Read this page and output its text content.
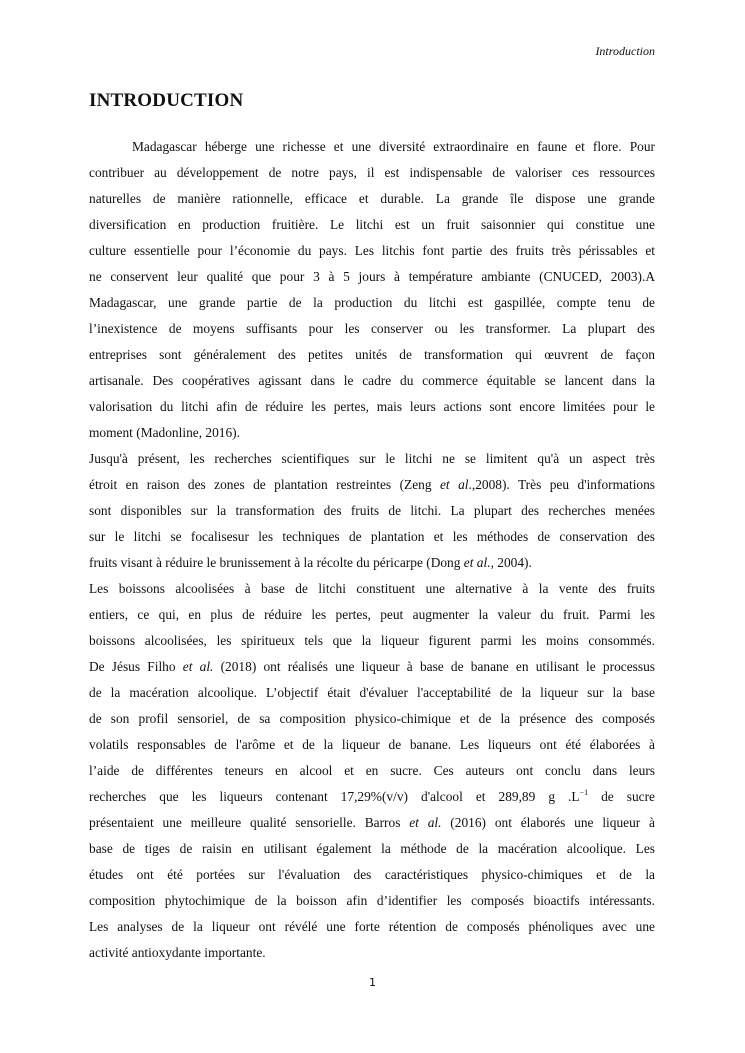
Introduction
INTRODUCTION
Madagascar héberge une richesse et une diversité extraordinaire en faune et flore. Pour
contribuer au développement de notre pays, il est indispensable de valoriser ces ressources
naturelles de manière rationnelle, efficace et durable. La grande île dispose une grande
diversification en production fruitière. Le litchi est un fruit saisonnier qui constitue une
culture essentielle pour l’économie du pays. Les litchis font partie des fruits très périssables et
ne conservent leur qualité que pour 3 à 5 jours à température ambiante (CNUCED, 2003).A
Madagascar, une grande partie de la production du litchi est gaspillée, compte tenu de
l’inexistence de moyens suffisants pour les conserver ou les transformer. La plupart des
entreprises sont généralement des petites unités de transformation qui œuvrent de façon
artisanale. Des coopératives agissant dans le cadre du commerce équitable se lancent dans la
valorisation du litchi afin de réduire les pertes, mais leurs actions sont encore limitées pour le
moment (Madonline, 2016).
Jusqu'à présent, les recherches scientifiques sur le litchi ne se limitent qu'à un aspect très
étroit en raison des zones de plantation restreintes (Zeng et al.,2008). Très peu d'informations
sont disponibles sur la transformation des fruits de litchi. La plupart des recherches menées
sur le litchi se focalisesur les techniques de plantation et les méthodes de conservation des
fruits visant à réduire le brunissement à la récolte du péricarpe (Dong et al., 2004).
Les boissons alcoolisées à base de litchi constituent une alternative à la vente des fruits
entiers, ce qui, en plus de réduire les pertes, peut augmenter la valeur du fruit. Parmi les
boissons alcoolisées, les spiritueux tels que la liqueur figurent parmi les moins consommés.
De Jésus Filho et al. (2018) ont réalisés une liqueur à base de banane en utilisant le processus
de la macération alcoolique. L’objectif était d'évaluer l'acceptabilité de la liqueur sur la base
de son profil sensoriel, de sa composition physico-chimique et de la présence des composés
volatils responsables de l'arôme et de la liqueur de banane. Les liqueurs ont été élaborées à
l’aide de différentes teneurs en alcool et en sucre. Ces auteurs ont conclu dans leurs
recherches que les liqueurs contenant 17,29%(v/v) d'alcool et 289,89 g $.L^{-1}$ de sucre
présentaient une meilleure qualité sensorielle. Barros et al. (2016) ont élaborés une liqueur à
base de tiges de raisin en utilisant également la méthode de la macération alcoolique. Les
études ont été portées sur l'évaluation des caractéristiques physico-chimiques et de la
composition phytochimique de la boisson afin d’identifier les composés bioactifs intéressants.
Les analyses de la liqueur ont révélé une forte rétention de composés phénoliques avec une
activité antioxydante importante.
1
